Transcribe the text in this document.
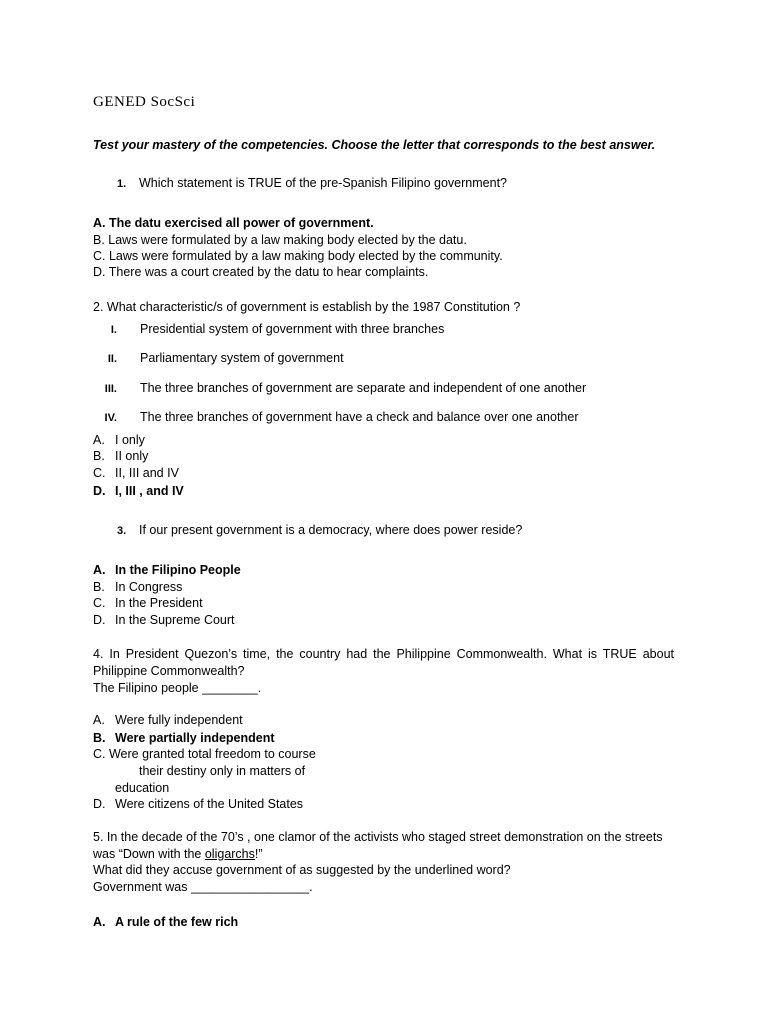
GENED SocSci
Test your mastery of the competencies. Choose the letter that corresponds to the best answer.
1. Which statement is TRUE of the pre-Spanish Filipino government?
A. The datu exercised all power of government.
B. Laws were formulated by a law making body elected by the datu.
C. Laws were formulated by a law making body elected by the community.
D. There was a court created by the datu to hear complaints.
2. What characteristic/s of government is establish by the 1987 Constitution ?
I. Presidential system of government with three branches
II. Parliamentary system of government
III. The three branches of government are separate and independent of one another
IV. The three branches of government have a check and balance over one another
A. I only
B. II only
C. II, III and IV
D. I, III , and IV
3. If our present government is a democracy, where does power reside?
A. In the Filipino People
B. In Congress
C. In the President
D. In the Supreme Court
4. In President Quezon’s time, the country had the Philippine Commonwealth. What is TRUE about
Philippine Commonwealth?
The Filipino people ________.
A. Were fully independent
B. Were partially independent
C. Were granted total freedom to course
their destiny only in matters of
education
D. Were citizens of the United States
5. In the decade of the 70’s , one clamor of the activists who staged street demonstration on the streets
was “Down with the oligarchs!”
What did they accuse government of as suggested by the underlined word?
Government was _________________.
A. A rule of the few rich
